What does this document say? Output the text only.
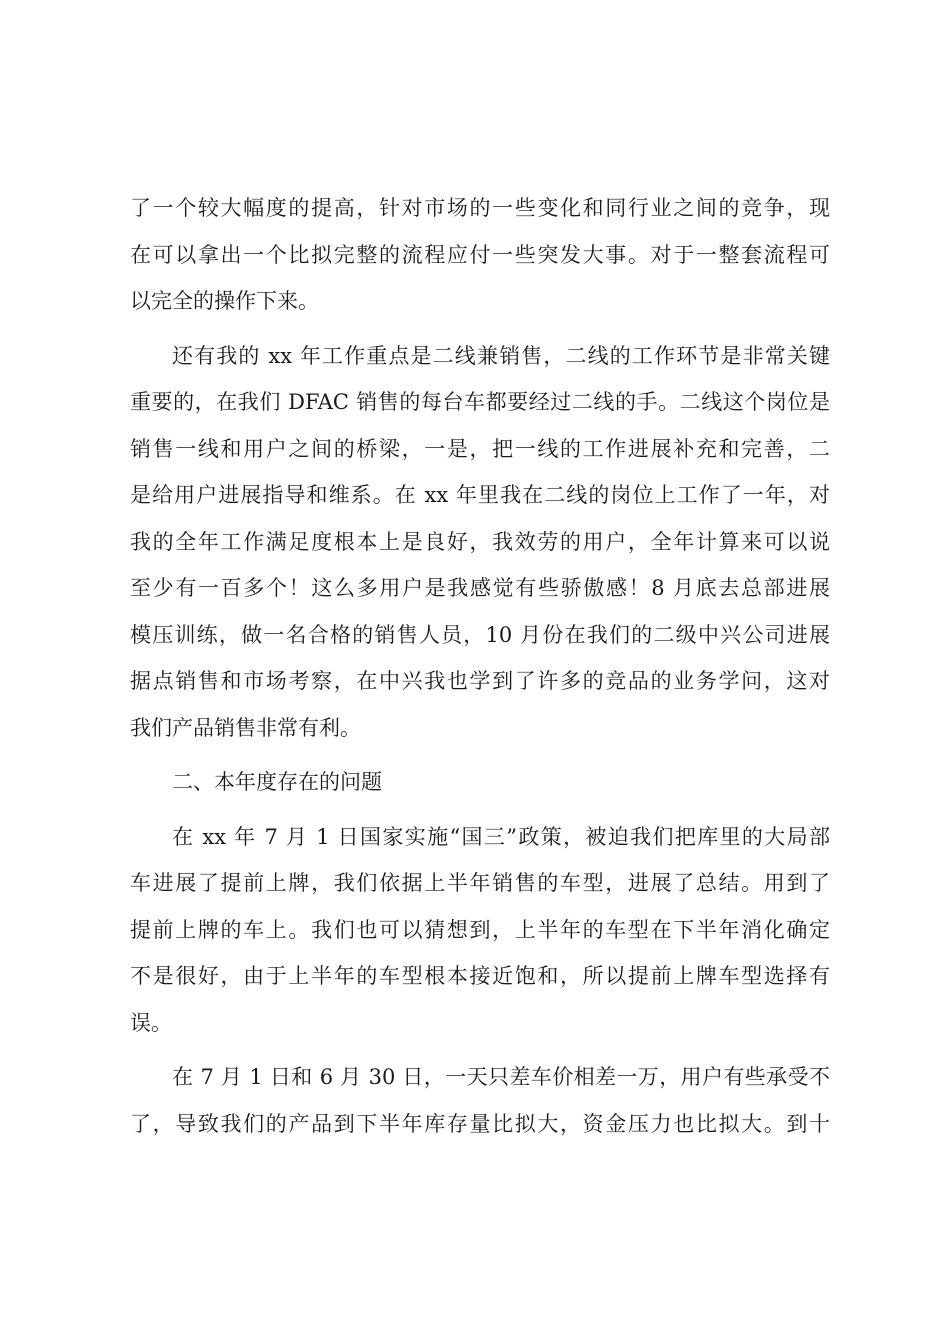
了一个较大幅度的提高，针对市场的一些变化和同行业之间的竞争，现
在可以拿出一个比拟完整的流程应付一些突发大事。对于一整套流程可
以完全的操作下来。
还有我的 xx 年工作重点是二线兼销售，二线的工作环节是非常关键
重要的，在我们 DFAC 销售的每台车都要经过二线的手。二线这个岗位是
销售一线和用户之间的桥梁，一是，把一线的工作进展补充和完善，二
是给用户进展指导和维系。在 xx 年里我在二线的岗位上工作了一年，对
我的全年工作满足度根本上是良好，我效劳的用户，全年计算来可以说
至少有一百多个！这么多用户是我感觉有些骄傲感！8 月底去总部进展
模压训练，做一名合格的销售人员，10 月份在我们的二级中兴公司进展
据点销售和市场考察，在中兴我也学到了许多的竞品的业务学问，这对
我们产品销售非常有利。
二、本年度存在的问题
在 xx 年 7 月 1 日国家实施“国三”政策，被迫我们把库里的大局部
车进展了提前上牌，我们依据上半年销售的车型，进展了总结。用到了
提前上牌的车上。我们也可以猜想到，上半年的车型在下半年消化确定
不是很好，由于上半年的车型根本接近饱和，所以提前上牌车型选择有
误。
在 7 月 1 日和 6 月 30 日，一天只差车价相差一万，用户有些承受不
了，导致我们的产品到下半年库存量比拟大，资金压力也比拟大。到十
